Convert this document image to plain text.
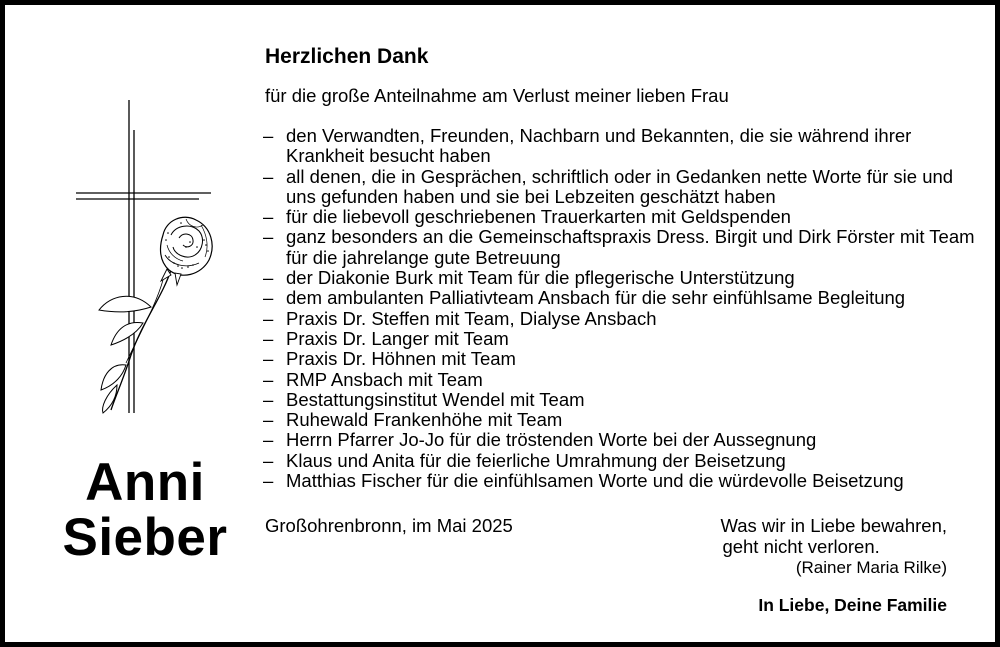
Anni
Sieber
Herzlichen Dank
für die große Anteilnahme am Verlust meiner lieben Frau
– den Verwandten, Freunden, Nachbarn und Bekannten, die sie während ihrer Krankheit besucht haben
– all denen, die in Gesprächen, schriftlich oder in Gedanken nette Worte für sie und uns gefunden haben und sie bei Lebzeiten geschätzt haben
– für die liebevoll geschriebenen Trauerkarten mit Geldspenden
– ganz besonders an die Gemeinschaftspraxis Dress. Birgit und Dirk Förster mit Team für die jahrelange gute Betreuung
– der Diakonie Burk mit Team für die pflegerische Unterstützung
– dem ambulanten Palliativteam Ansbach für die sehr einfühlsame Begleitung
– Praxis Dr. Steffen mit Team, Dialyse Ansbach
– Praxis Dr. Langer mit Team
– Praxis Dr. Höhnen mit Team
– RMP Ansbach mit Team
– Bestattungsinstitut Wendel mit Team
– Ruhewald Frankenhöhe mit Team
– Herrn Pfarrer Jo-Jo für die tröstenden Worte bei der Aussegnung
– Klaus und Anita für die feierliche Umrahmung der Beisetzung
– Matthias Fischer für die einfühlsamen Worte und die würdevolle Beisetzung
Großohrenbronn, im Mai 2025	Was wir in Liebe bewahren,
geht nicht verloren.
(Rainer Maria Rilke)
In Liebe, Deine Familie
